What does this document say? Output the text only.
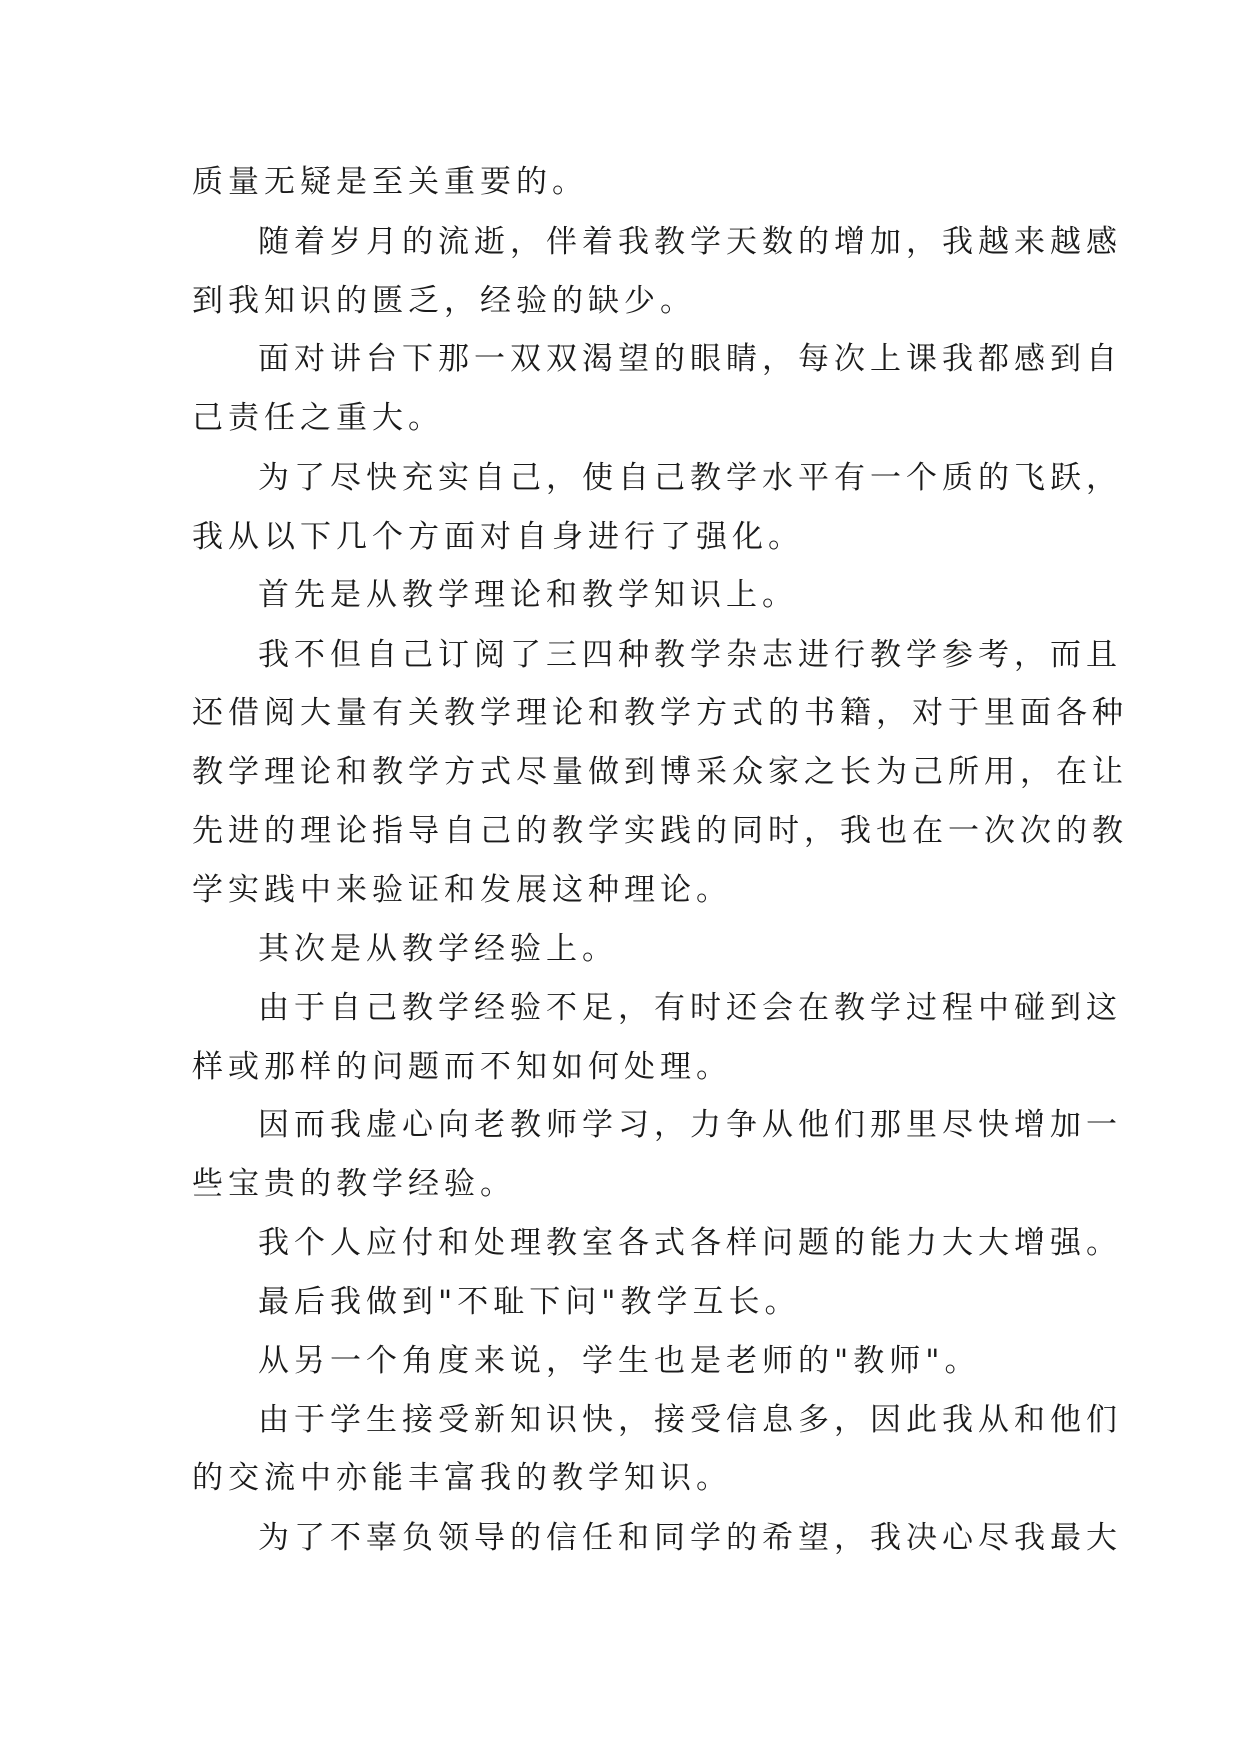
质量无疑是至关重要的。
随着岁月的流逝，伴着我教学天数的增加，我越来越感
到我知识的匮乏，经验的缺少。
面对讲台下那一双双渴望的眼睛，每次上课我都感到自
己责任之重大。
为了尽快充实自己，使自己教学水平有一个质的飞跃，
我从以下几个方面对自身进行了强化。
首先是从教学理论和教学知识上。
我不但自己订阅了三四种教学杂志进行教学参考，而且
还借阅大量有关教学理论和教学方式的书籍，对于里面各种
教学理论和教学方式尽量做到博采众家之长为己所用，在让
先进的理论指导自己的教学实践的同时，我也在一次次的教
学实践中来验证和发展这种理论。
其次是从教学经验上。
由于自己教学经验不足，有时还会在教学过程中碰到这
样或那样的问题而不知如何处理。
因而我虚心向老教师学习，力争从他们那里尽快增加一
些宝贵的教学经验。
我个人应付和处理教室各式各样问题的能力大大增强。
最后我做到"不耻下问"教学互长。
从另一个角度来说，学生也是老师的"教师"。
由于学生接受新知识快，接受信息多，因此我从和他们
的交流中亦能丰富我的教学知识。
为了不辜负领导的信任和同学的希望，我决心尽我最大
